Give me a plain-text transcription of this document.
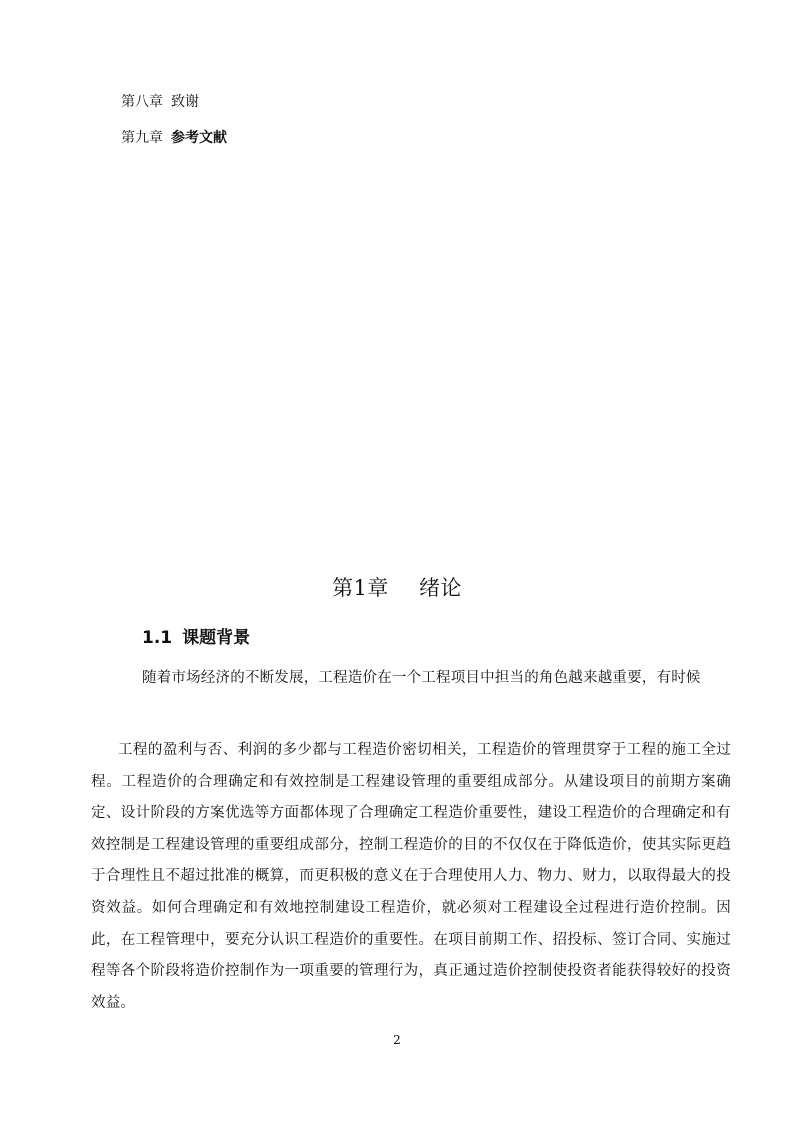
第八章 致谢
第九章 参考文献
第1章 绪论
1.1 课题背景

随着市场经济的不断发展，工程造价在一个工程项目中担当的角色越来越重要，有时候

工程的盈利与否、利润的多少都与工程造价密切相关，工程造价的管理贯穿于工程的施工全过程。工程造价的合理确定和有效控制是工程建设管理的重要组成部分。从建设项目的前期方案确定、设计阶段的方案优选等方面都体现了合理确定工程造价重要性，建设工程造价的合理确定和有效控制是工程建设管理的重要组成部分，控制工程造价的目的不仅仅在于降低造价，使其实际更趋于合理性且不超过批准的概算，而更积极的意义在于合理使用人力、物力、财力，以取得最大的投资效益。如何合理确定和有效地控制建设工程造价，就必须对工程建设全过程进行造价控制。因此，在工程管理中，要充分认识工程造价的重要性。在项目前期工作、招投标、签订合同、实施过程等各个阶段将造价控制作为一项重要的管理行为，真正通过造价控制使投资者能获得较好的投资效益。

2
